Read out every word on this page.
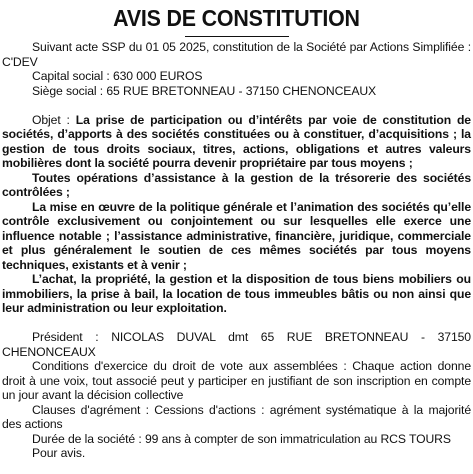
AVIS DE CONSTITUTION

Suivant acte SSP du 01 05 2025, constitution de la Société par Actions Simplifiée : C'DEV

Capital social : 630 000 EUROS

Siège social : 65 RUE BRETONNEAU - 37150 CHENONCEAUX

Objet : La prise de participation ou d’intérêts par voie de constitution de sociétés, d’apports à des sociétés constituées ou à constituer, d’acquisitions ; la gestion de tous droits sociaux, titres, actions, obligations et autres valeurs mobilières dont la société pourra devenir propriétaire par tous moyens ;

Toutes opérations d’assistance à la gestion de la trésorerie des sociétés contrôlées ;

La mise en œuvre de la politique générale et l’animation des sociétés qu’elle contrôle exclusivement ou conjointement ou sur lesquelles elle exerce une influence notable ; l’assistance administrative, financière, juridique, commerciale et plus généralement le soutien de ces mêmes sociétés par tous moyens techniques, existants et à venir ;

L’achat, la propriété, la gestion et la disposition de tous biens mobiliers ou immobiliers, la prise à bail, la location de tous immeubles bâtis ou non ainsi que leur administration ou leur exploitation.

Président : NICOLAS DUVAL dmt 65 RUE BRETONNEAU - 37150 CHENONCEAUX

Conditions d'exercice du droit de vote aux assemblées : Chaque action donne droit à une voix, tout associé peut y participer en justifiant de son inscription en compte un jour avant la décision collective

Clauses d'agrément : Cessions d'actions : agrément systématique à la majorité des actions

Durée de la société : 99 ans à compter de son immatriculation au RCS TOURS

Pour avis.
